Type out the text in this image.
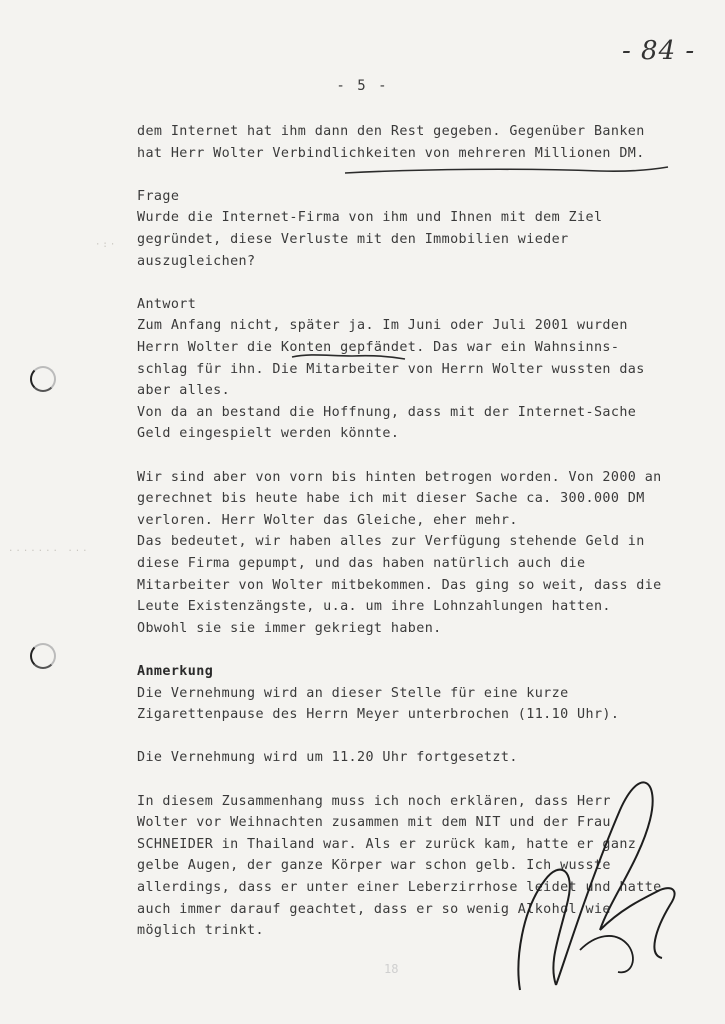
- 84 -
- 5 -
dem Internet hat ihm dann den Rest gegeben. Gegenüber Banken
hat Herr Wolter Verbindlichkeiten von mehreren Millionen DM.
Frage
Wurde die Internet-Firma von ihm und Ihnen mit dem Ziel
gegründet, diese Verluste mit den Immobilien wieder
auszugleichen?
Antwort
Zum Anfang nicht, später ja. Im Juni oder Juli 2001 wurden
Herrn Wolter die Konten gepfändet. Das war ein Wahnsinns-
schlag für ihn. Die Mitarbeiter von Herrn Wolter wussten das
aber alles.
Von da an bestand die Hoffnung, dass mit der Internet-Sache
Geld eingespielt werden könnte.
Wir sind aber von vorn bis hinten betrogen worden. Von 2000 an
gerechnet bis heute habe ich mit dieser Sache ca. 300.000 DM
verloren. Herr Wolter das Gleiche, eher mehr.
Das bedeutet, wir haben alles zur Verfügung stehende Geld in
diese Firma gepumpt, und das haben natürlich auch die
Mitarbeiter von Wolter mitbekommen. Das ging so weit, dass die
Leute Existenzängste, u.a. um ihre Lohnzahlungen hatten.
Obwohl sie sie immer gekriegt haben.
Anmerkung
Die Vernehmung wird an dieser Stelle für eine kurze
Zigarettenpause des Herrn Meyer unterbrochen (11.10 Uhr).
Die Vernehmung wird um 11.20 Uhr fortgesetzt.
In diesem Zusammenhang muss ich noch erklären, dass Herr
Wolter vor Weihnachten zusammen mit dem NIT und der Frau
SCHNEIDER in Thailand war. Als er zurück kam, hatte er ganz
gelbe Augen, der ganze Körper war schon gelb. Ich wusste
allerdings, dass er unter einer Leberzirrhose leidet und hatte
auch immer darauf geachtet, dass er so wenig Alkohol wie
möglich trinkt.
....... ...
·:·
18
